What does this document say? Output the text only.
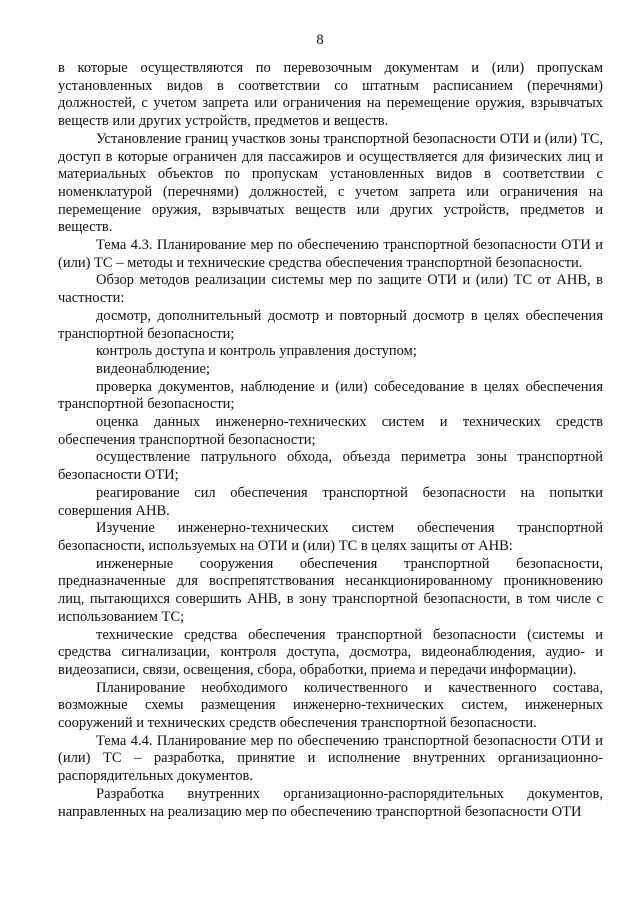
8

в которые осуществляются по перевозочным документам и (или) пропускам установленных видов в соответствии со штатным расписанием (перечнями) должностей, с учетом запрета или ограничения на перемещение оружия, взрывчатых веществ или других устройств, предметов и веществ.

Установление границ участков зоны транспортной безопасности ОТИ и (или) ТС, доступ в которые ограничен для пассажиров и осуществляется для физических лиц и материальных объектов по пропускам установленных видов в соответствии с номенклатурой (перечнями) должностей, с учетом запрета или ограничения на перемещение оружия, взрывчатых веществ или других устройств, предметов и веществ.

Тема 4.3. Планирование мер по обеспечению транспортной безопасности ОТИ и (или) ТС – методы и технические средства обеспечения транспортной безопасности.

Обзор методов реализации системы мер по защите ОТИ и (или) ТС от АНВ, в частности:

досмотр, дополнительный досмотр и повторный досмотр в целях обеспечения транспортной безопасности;

контроль доступа и контроль управления доступом;

видеонаблюдение;

проверка документов, наблюдение и (или) собеседование в целях обеспечения транспортной безопасности;

оценка данных инженерно-технических систем и технических средств обеспечения транспортной безопасности;

осуществление патрульного обхода, объезда периметра зоны транспортной безопасности ОТИ;

реагирование сил обеспечения транспортной безопасности на попытки совершения АНВ.

Изучение инженерно-технических систем обеспечения транспортной безопасности, используемых на ОТИ и (или) ТС в целях защиты от АНВ:

инженерные сооружения обеспечения транспортной безопасности, предназначенные для воспрепятствования несанкционированному проникновению лиц, пытающихся совершить АНВ, в зону транспортной безопасности, в том числе с использованием ТС;

технические средства обеспечения транспортной безопасности (системы и средства сигнализации, контроля доступа, досмотра, видеонаблюдения, аудио- и видеозаписи, связи, освещения, сбора, обработки, приема и передачи информации).

Планирование необходимого количественного и качественного состава, возможные схемы размещения инженерно-технических систем, инженерных сооружений и технических средств обеспечения транспортной безопасности.

Тема 4.4. Планирование мер по обеспечению транспортной безопасности ОТИ и (или) ТС – разработка, принятие и исполнение внутренних организационно-распорядительных документов.

Разработка внутренних организационно-распорядительных документов, направленных на реализацию мер по обеспечению транспортной безопасности ОТИ
